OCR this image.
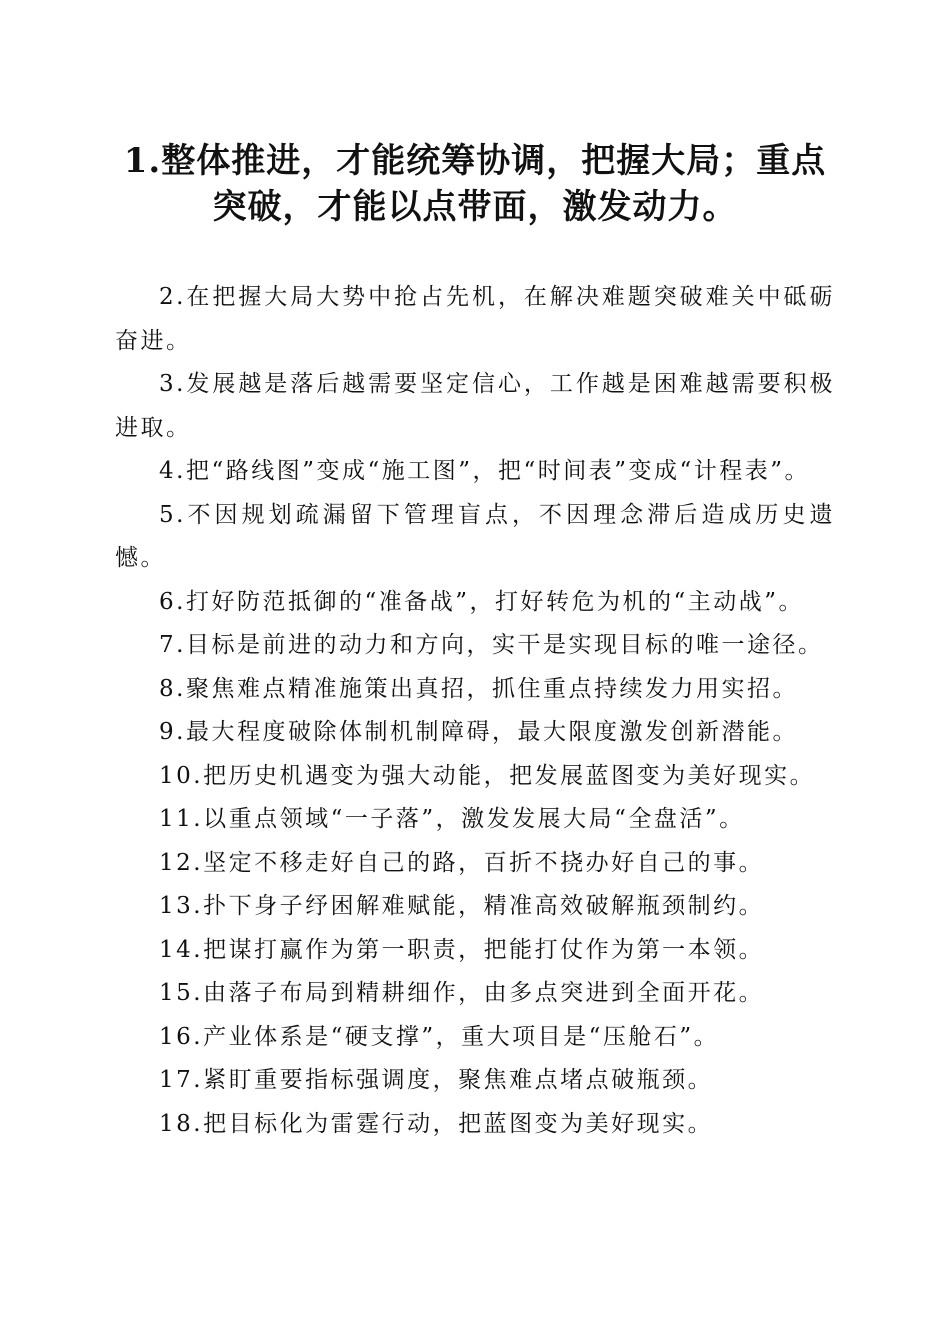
1.整体推进，才能统筹协调，把握大局；重点
突破，才能以点带面，激发动力。
2.在把握大局大势中抢占先机，在解决难题突破难关中砥砺奋进。
3.发展越是落后越需要坚定信心，工作越是困难越需要积极进取。
4.把“路线图”变成“施工图”，把“时间表”变成“计程表”。
5.不因规划疏漏留下管理盲点，不因理念滞后造成历史遗憾。
6.打好防范抵御的“准备战”，打好转危为机的“主动战”。
7.目标是前进的动力和方向，实干是实现目标的唯一途径。
8.聚焦难点精准施策出真招，抓住重点持续发力用实招。
9.最大程度破除体制机制障碍，最大限度激发创新潜能。
10.把历史机遇变为强大动能，把发展蓝图变为美好现实。
11.以重点领域“一子落”，激发发展大局“全盘活”。
12.坚定不移走好自己的路，百折不挠办好自己的事。
13.扑下身子纾困解难赋能，精准高效破解瓶颈制约。
14.把谋打赢作为第一职责，把能打仗作为第一本领。
15.由落子布局到精耕细作，由多点突进到全面开花。
16.产业体系是“硬支撑”，重大项目是“压舱石”。
17.紧盯重要指标强调度，聚焦难点堵点破瓶颈。
18.把目标化为雷霆行动，把蓝图变为美好现实。
